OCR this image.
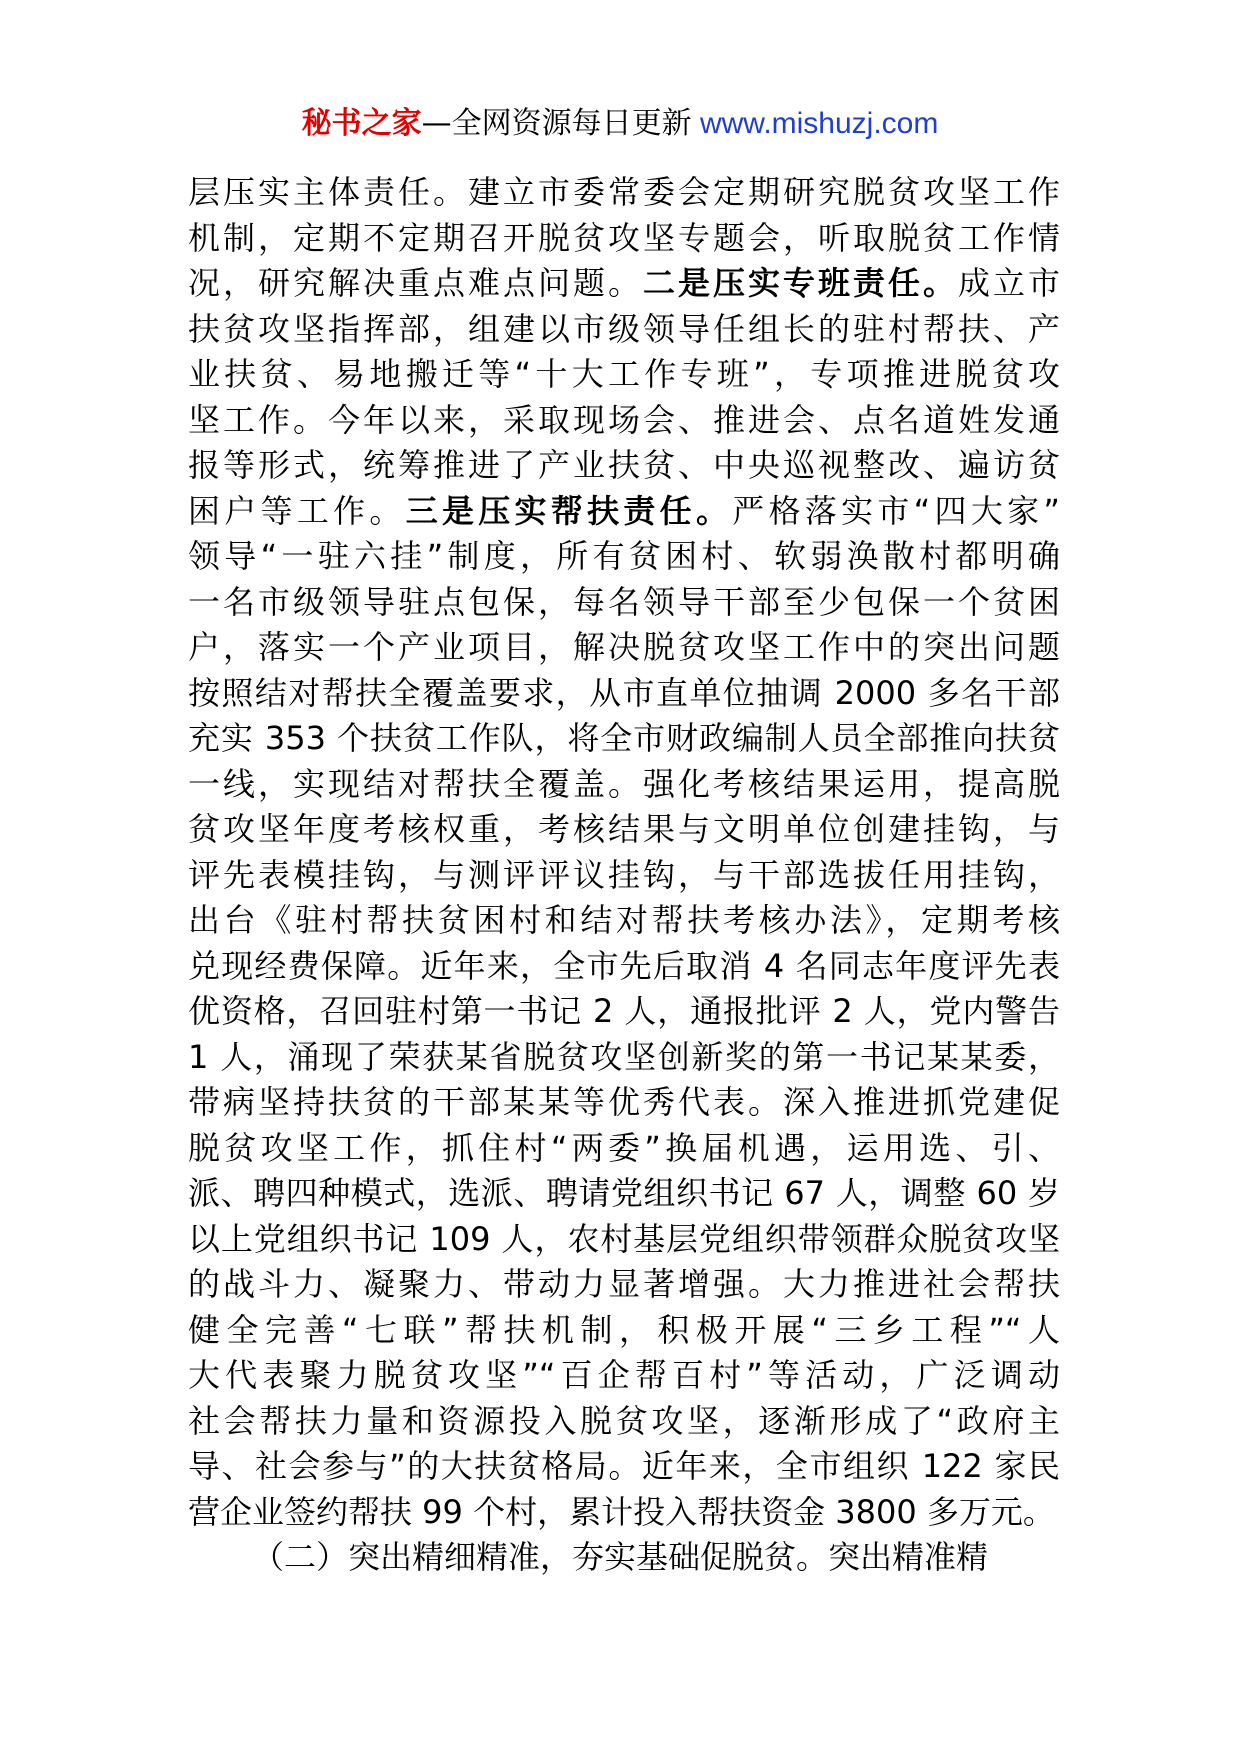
秘书之家—全网资源每日更新 www.mishuzj.com
层压实主体责任。建立市委常委会定期研究脱贫攻坚工作
机制，定期不定期召开脱贫攻坚专题会，听取脱贫工作情
况，研究解决重点难点问题。二是压实专班责任。成立市
扶贫攻坚指挥部，组建以市级领导任组长的驻村帮扶、产
业扶贫、易地搬迁等“十大工作专班”，专项推进脱贫攻
坚工作。今年以来，采取现场会、推进会、点名道姓发通
报等形式，统筹推进了产业扶贫、中央巡视整改、遍访贫
困户等工作。三是压实帮扶责任。严格落实市“四大家”
领导“一驻六挂”制度，所有贫困村、软弱涣散村都明确
一名市级领导驻点包保，每名领导干部至少包保一个贫困
户，落实一个产业项目，解决脱贫攻坚工作中的突出问题
按照结对帮扶全覆盖要求，从市直单位抽调 2000 多名干部
充实 353 个扶贫工作队，将全市财政编制人员全部推向扶贫
一线，实现结对帮扶全覆盖。强化考核结果运用，提高脱
贫攻坚年度考核权重，考核结果与文明单位创建挂钩，与
评先表模挂钩，与测评评议挂钩，与干部选拔任用挂钩，
出台《驻村帮扶贫困村和结对帮扶考核办法》，定期考核
兑现经费保障。近年来，全市先后取消 4 名同志年度评先表
优资格，召回驻村第一书记 2 人，通报批评 2 人，党内警告
1 人，涌现了荣获某省脱贫攻坚创新奖的第一书记某某委，
带病坚持扶贫的干部某某等优秀代表。深入推进抓党建促
脱贫攻坚工作，抓住村“两委”换届机遇，运用选、引、
派、聘四种模式，选派、聘请党组织书记 67 人，调整 60 岁
以上党组织书记 109 人，农村基层党组织带领群众脱贫攻坚
的战斗力、凝聚力、带动力显著增强。大力推进社会帮扶
健全完善“七联”帮扶机制，积极开展“三乡工程”“人
大代表聚力脱贫攻坚”“百企帮百村”等活动，广泛调动
社会帮扶力量和资源投入脱贫攻坚，逐渐形成了“政府主
导、社会参与”的大扶贫格局。近年来，全市组织 122 家民
营企业签约帮扶 99 个村，累计投入帮扶资金 3800 多万元。
（二）突出精细精准，夯实基础促脱贫。突出精准精
